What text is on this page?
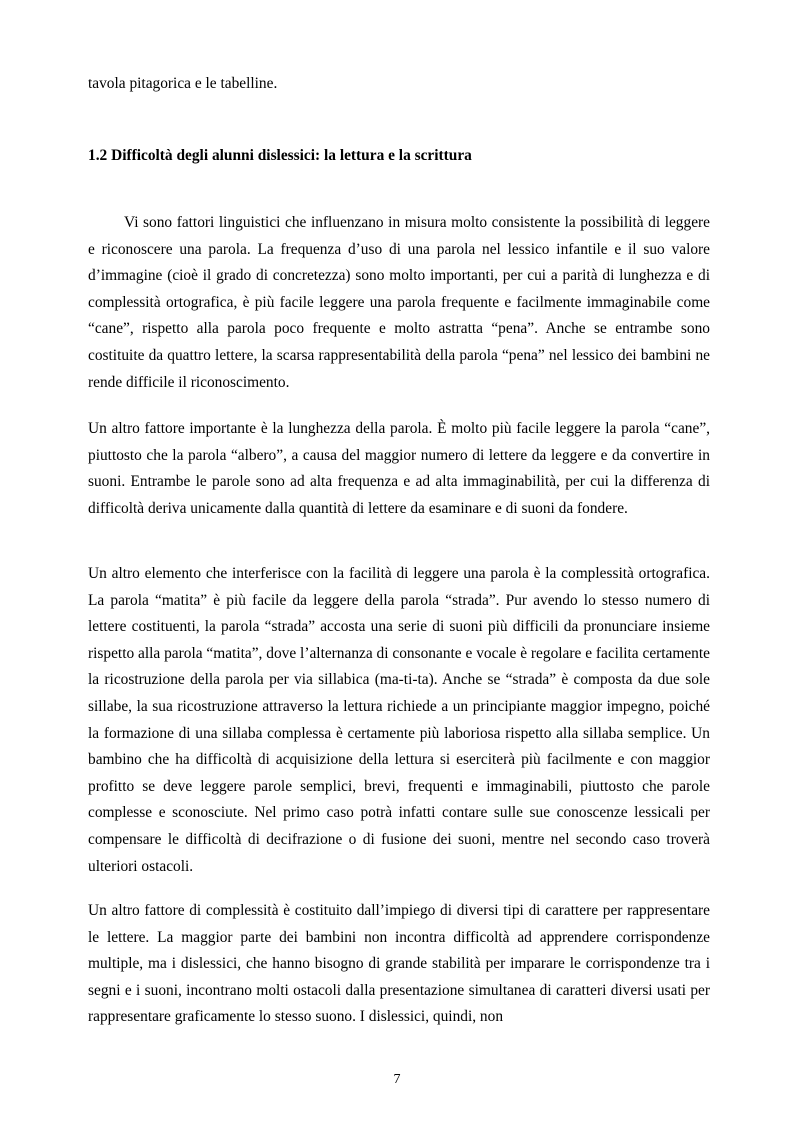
tavola pitagorica e le tabelline.

1.2 Difficoltà degli alunni dislessici: la lettura e la scrittura

Vi sono fattori linguistici che influenzano in misura molto consistente la possibilità di leggere e riconoscere una parola. La frequenza d’uso di una parola nel lessico infantile e il suo valore d’immagine (cioè il grado di concretezza) sono molto importanti, per cui a parità di lunghezza e di complessità ortografica, è più facile leggere una parola frequente e facilmente immaginabile come “cane”, rispetto alla parola poco frequente e molto astratta “pena”. Anche se entrambe sono costituite da quattro lettere, la scarsa rappresentabilità della parola “pena” nel lessico dei bambini ne rende difficile il riconoscimento.

Un altro fattore importante è la lunghezza della parola. È molto più facile leggere la parola “cane”, piuttosto che la parola “albero”, a causa del maggior numero di lettere da leggere e da convertire in suoni. Entrambe le parole sono ad alta frequenza e ad alta immaginabilità, per cui la differenza di difficoltà deriva unicamente dalla quantità di lettere da esaminare e di suoni da fondere.

Un altro elemento che interferisce con la facilità di leggere una parola è la complessità ortografica. La parola “matita” è più facile da leggere della parola “strada”. Pur avendo lo stesso numero di lettere costituenti, la parola “strada” accosta una serie di suoni più difficili da pronunciare insieme rispetto alla parola “matita”, dove l’alternanza di consonante e vocale è regolare e facilita certamente la ricostruzione della parola per via sillabica (ma-ti-ta). Anche se “strada” è composta da due sole sillabe, la sua ricostruzione attraverso la lettura richiede a un principiante maggior impegno, poiché la formazione di una sillaba complessa è certamente più laboriosa rispetto alla sillaba semplice. Un bambino che ha difficoltà di acquisizione della lettura si eserciterà più facilmente e con maggior profitto se deve leggere parole semplici, brevi, frequenti e immaginabili, piuttosto che parole complesse e sconosciute. Nel primo caso potrà infatti contare sulle sue conoscenze lessicali per compensare le difficoltà di decifrazione o di fusione dei suoni, mentre nel secondo caso troverà ulteriori ostacoli.

Un altro fattore di complessità è costituito dall’impiego di diversi tipi di carattere per rappresentare le lettere. La maggior parte dei bambini non incontra difficoltà ad apprendere corrispondenze multiple, ma i dislessici, che hanno bisogno di grande stabilità per imparare le corrispondenze tra i segni e i suoni, incontrano molti ostacoli dalla presentazione simultanea di caratteri diversi usati per rappresentare graficamente lo stesso suono. I dislessici, quindi, non

7
